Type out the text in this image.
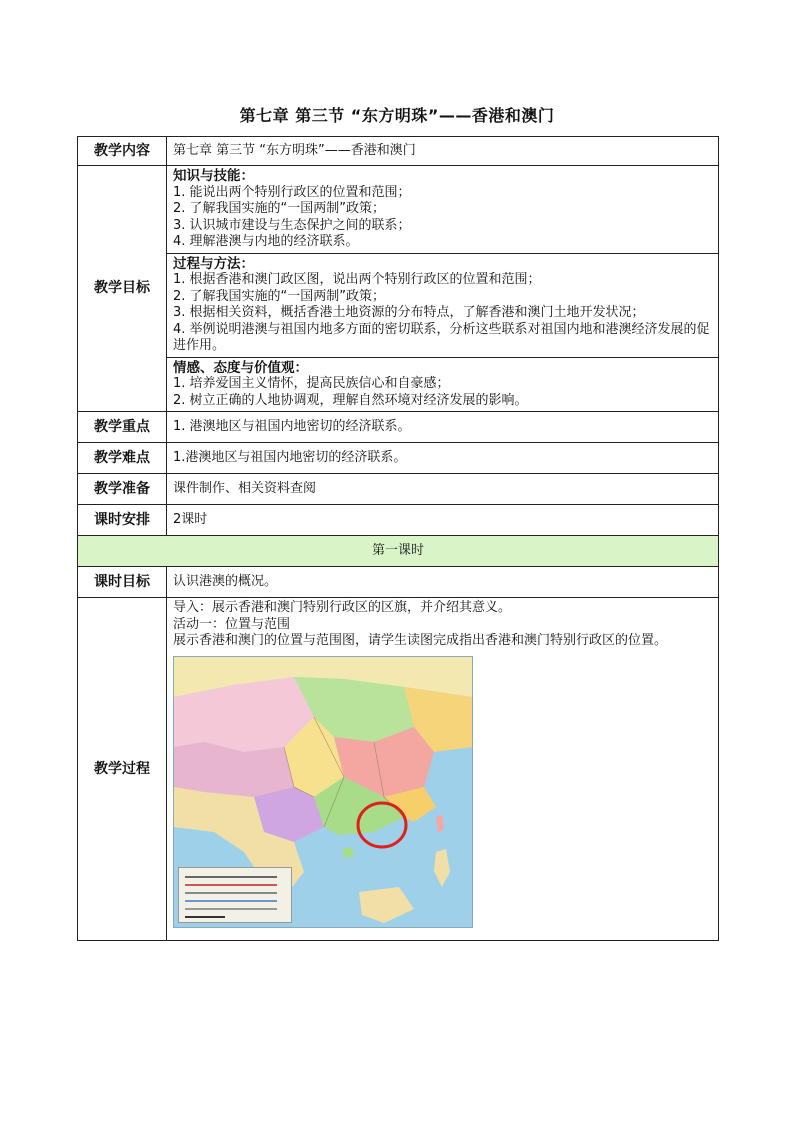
第七章 第三节 “东方明珠”——香港和澳门
教学内容	第七章 第三节 “东方明珠”——香港和澳门
教学目标	知识与技能：
1. 能说出两个特别行政区的位置和范围；
2. 了解我国实施的“一国两制”政策；
3. 认识城市建设与生态保护之间的联系；
4. 理解港澳与内地的经济联系。

	过程与方法：
1. 根据香港和澳门政区图，说出两个特别行政区的位置和范围；
2. 了解我国实施的“一国两制”政策；
3. 根据相关资料，概括香港土地资源的分布特点，了解香港和澳门土地开发状况；
4. 举例说明港澳与祖国内地多方面的密切联系，分析这些联系对祖国内地和港澳经济发展的促进作用。

	情感、态度与价值观：
1. 培养爱国主义情怀，提高民族信心和自豪感；
2. 树立正确的人地协调观，理解自然环境对经济发展的影响。

教学重点	1. 港澳地区与祖国内地密切的经济联系。
教学难点	1.港澳地区与祖国内地密切的经济联系。
教学准备	课件制作、相关资料查阅
课时安排	2课时
第一课时	
课时目标	认识港澳的概况。
教学过程	导入：展示香港和澳门特别行政区的区旗，并介绍其意义。
活动一：位置与范围
展示香港和澳门的位置与范围图，请学生读图完成指出香港和澳门特别行政区的位置。
